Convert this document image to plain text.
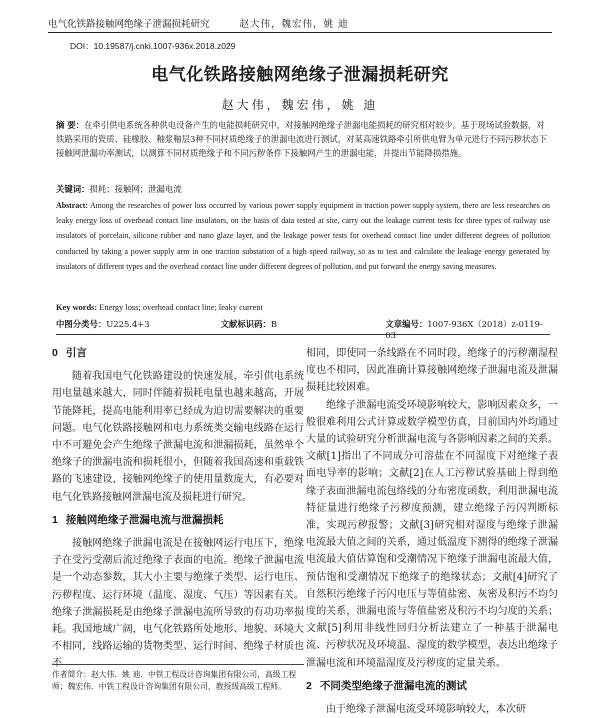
电气化铁路接触网绝缘子泄漏损耗研究	赵大伟，魏宏伟，姚 迪
DOI：10.19587/j.cnki.1007-936x.2018.z029
电气化铁路接触网绝缘子泄漏损耗研究
赵大伟，魏宏伟，姚 迪
摘 要：在牵引供电系统各种供电设备产生的电能损耗研究中，对接触网绝缘子泄漏电能损耗的研究相对较少。基于现场试验数据，对铁路采用的瓷质、硅橡胶、釉浆釉层3种不同材质绝缘子的泄漏电流进行测试，对某高速铁路牵引所供电臂为单元进行不同污秽状态下接触网泄漏功率测试，以测算不同材质绝缘子和不同污秽条件下接触网产生的泄漏电能，并提出节能降损措施。
关键词：损耗；接触网；泄漏电流
Abstract: Among the researches of power loss occurred by various power supply equipment in traction power supply system, there are less researches on leaky energy loss of overhead contact line insulators, on the basis of data tested at site, carry out the leakage current tests for three types of railway use insulators of porcelain, silicone rubber and nano glaze layer, and the leakage power tests for overhead contact line under different degrees of pollution conducted by taking a power supply arm in one traction substation of a high speed railway, so as to test and calculate the leakage energy generated by insulators of different types and the overhead contact line under different degrees of pollution, and put forward the energy saving measures.
Key words: Energy loss; overhead contact line; leaky current
中图分类号：U225.4+3	文献标识码：B	文章编号：1007-936X（2018）z-0119-03
0 引言

随着我国电气化铁路建设的快速发展，牵引供电系统用电量越来越大，同时伴随着损耗电量也越来越高，开展节能降耗，提高电能利用率已经成为迫切需要解决的重要问题。电气化铁路接触网和电力系统类交输电线路在运行中不可避免会产生绝缘子泄漏电流和泄漏损耗，虽然单个绝缘子的泄漏电流和损耗很小，但随着我国高速和重载铁路的飞速建设，接触网绝缘子的使用量数庞大，有必要对电气化铁路接触网泄漏电流及损耗进行研究。

1 接触网绝缘子泄漏电流与泄漏损耗

接触网绝缘子泄漏电流是在接触网运行电压下，绝缘子在受污受潮后流过绝缘子表面的电流。绝缘子泄漏电流是一个动态参数，其大小主要与绝缘子类型、运行电压、污秽程度、运行环境（温度、湿度、气压）等因素有关。绝缘子泄漏损耗是由绝缘子泄漏电流所导致的有功功率损耗。我国地域广阔，电气化铁路所处地形、地貌、环境大不相同，线路运输的货物类型、运行时间、绝缘子材质也不

相同，即使同一条线路在不同时段，绝缘子的污秽潮湿程度也不相同，因此准确计算接触网绝缘子泄漏电流及泄漏损耗比较困难。

绝缘子泄漏电流受环境影响较大，影响因素众多，一般很难利用公式计算或数学模型仿真，目前国内外均通过大量的试验研究分析泄漏电流与各影响因素之间的关系。文献[1]指出了不同成分可溶盐在不同湿度下对绝缘子表面电导率的影响；文献[2]在人工污秽试验基础上得到绝缘子表面泄漏电流包络线的分布密度函数，利用泄漏电流特征量进行绝缘子污秽度预测，建立绝缘子污闪判断标准，实现污秽报警；文献[3]研究相对湿度与绝缘子泄漏电流最大值之间的关系，通过低温度下测得的绝缘子泄漏电流最大值估算饱和受潮情况下绝缘子泄漏电流最大值，预估饱和受潮情况下绝缘子的绝缘状态；文献[4]研究了自然积污绝缘子污闪电压与等值盐密、灰密及积污不均匀度的关系，泄漏电流与等值盐密及积污不均匀度的关系；文献[5]利用非线性回归分析法建立了一种基于泄漏电流、污秽状况及环境温、湿度的数学模型，表达出绝缘子泄漏电流和环境温湿度及污秽度的定量关系。

2 不同类型绝缘子泄漏电流的测试

由于绝缘子泄漏电流受环境影响较大，本次研

作者简介：赵大伟．姚 迪．中铁工程设计咨询集团有限公司，高级工程师；魏宏伟．中铁工程设计咨询集团有限公司，教授级高级工程师。
